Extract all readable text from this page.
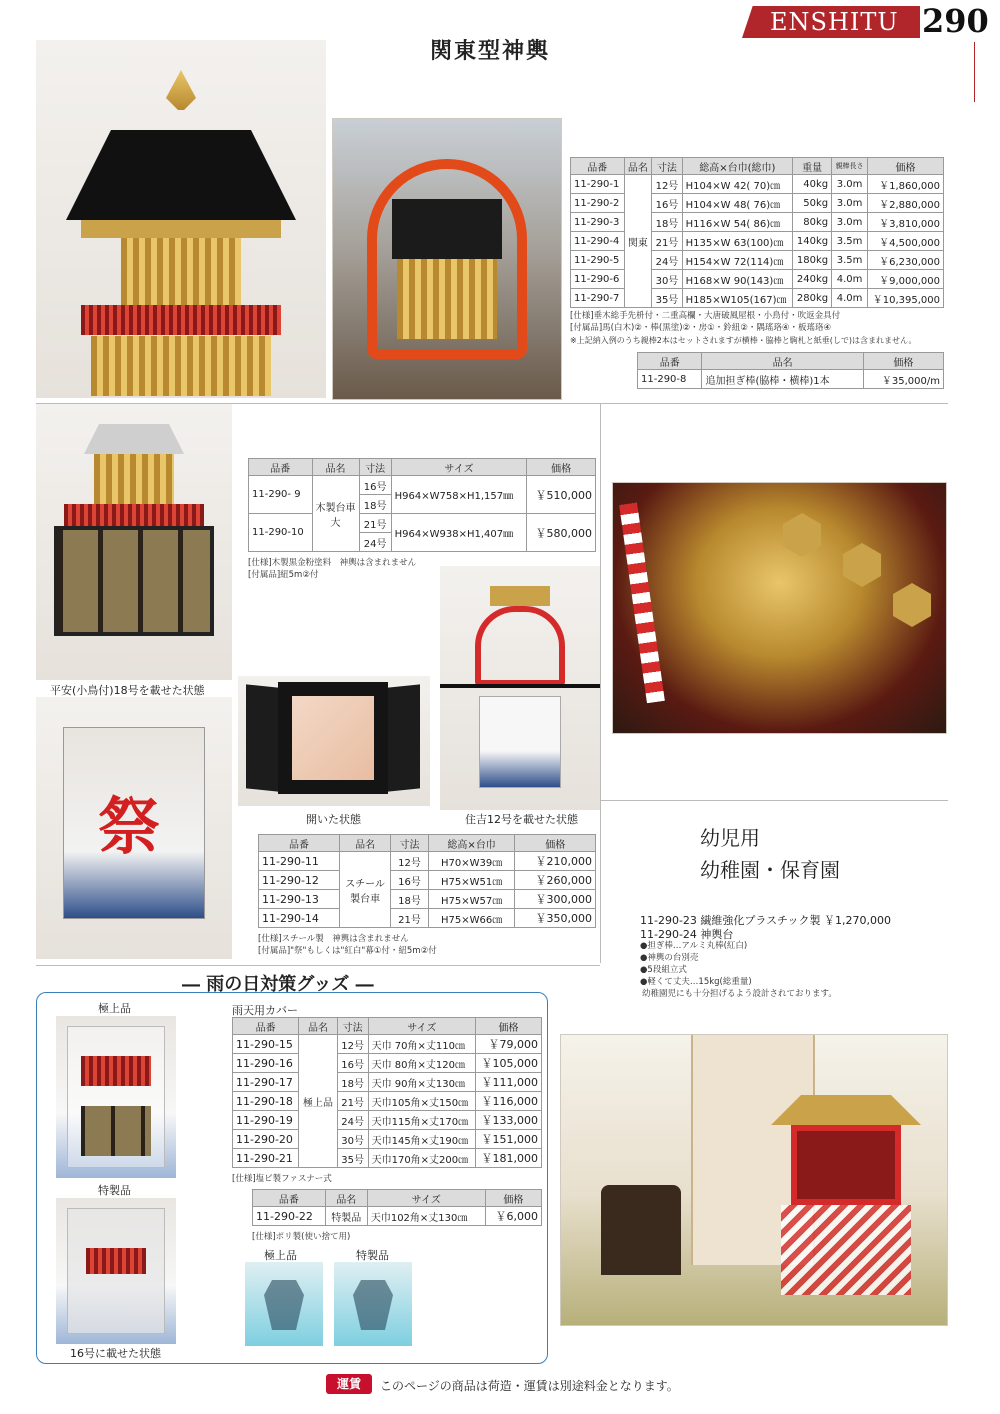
ENSHITU 290
関東型神輿
品番	品名	寸法	総高×台巾(総巾)	重量	親棒長さ	価格
11-290-1	関東	12号	H104×W 42( 70)㎝	40kg	3.0m	￥1,860,000
11-290-2		16号	H104×W 48( 76)㎝	50kg	3.0m	￥2,880,000
11-290-3		18号	H116×W 54( 86)㎝	80kg	3.0m	￥3,810,000
11-290-4		21号	H135×W 63(100)㎝	140kg	3.5m	￥4,500,000
11-290-5		24号	H154×W 72(114)㎝	180kg	3.5m	￥6,230,000
11-290-6		30号	H168×W 90(143)㎝	240kg	4.0m	￥9,000,000
11-290-7		35号	H185×W105(167)㎝	280kg	4.0m	￥10,395,000
[仕様]垂木総手先枡付・二重高欄・大唐破風屋根・小鳥付・吹返金具付
[付属品]馬(白木)②・棒(黒塗)②・房①・鈴紐②・隅瑤珞④・板瑤珞④
※上記納入例のうち親棒2本はセットされますが横棒・脇棒と駒札と紙垂(しで)は含まれません。
品番	品名	価格
11-290-8	追加担ぎ棒(脇棒・横棒)1本	￥35,000/m
平安(小鳥付)18号を載せた状態
品番	品名	寸法	サイズ	価格
11-290- 9	木製台車大	16号	H964×W758×H1,157㎜	￥510,000
		18号		
11-290-10		21号	H964×W938×H1,407㎜	￥580,000
		24号		
[仕様]木製黒金粉塗料　神輿は含まれません
[付属品]紐5m②付
祭	開いた状態	住吉12号を載せた状態
品番	品名	寸法	総高×台巾	価格
11-290-11	スチール製台車	12号	H70×W39㎝	￥210,000
11-290-12		16号	H75×W51㎝	￥260,000
11-290-13		18号	H75×W57㎝	￥300,000
11-290-14		21号	H75×W66㎝	￥350,000
[仕様]スチール製　神輿は含まれません
[付属品]"祭"もしくは"紅白"幕①付・紐5m②付
幼児用
幼稚園・保育園
11-290-23 繊維強化プラスチック製 ￥1,270,000
11-290-24 神輿台
●担ぎ棒…アルミ丸棒(紅白)
●神輿の台別売
●5段組立式
●軽くて丈夫…15kg(総重量)
幼稚園児にも十分担げるよう設計されております。
― 雨の日対策グッズ ―
極上品
特製品
16号に載せた状態
雨天用カバー
品番	品名	寸法	サイズ	価格
11-290-15	極上品	12号	天巾 70角×丈110㎝	￥79,000
11-290-16		16号	天巾 80角×丈120㎝	￥105,000
11-290-17		18号	天巾 90角×丈130㎝	￥111,000
11-290-18		21号	天巾105角×丈150㎝	￥116,000
11-290-19		24号	天巾115角×丈170㎝	￥133,000
11-290-20		30号	天巾145角×丈190㎝	￥151,000
11-290-21		35号	天巾170角×丈200㎝	￥181,000
[仕様]塩ビ製ファスナー式
品番	品名	サイズ	価格
11-290-22	特製品	天巾102角×丈130㎝	￥6,000
[仕様]ポリ製(使い捨て用)
極上品	特製品
運賃	このページの商品は荷造・運賃は別途料金となります。
